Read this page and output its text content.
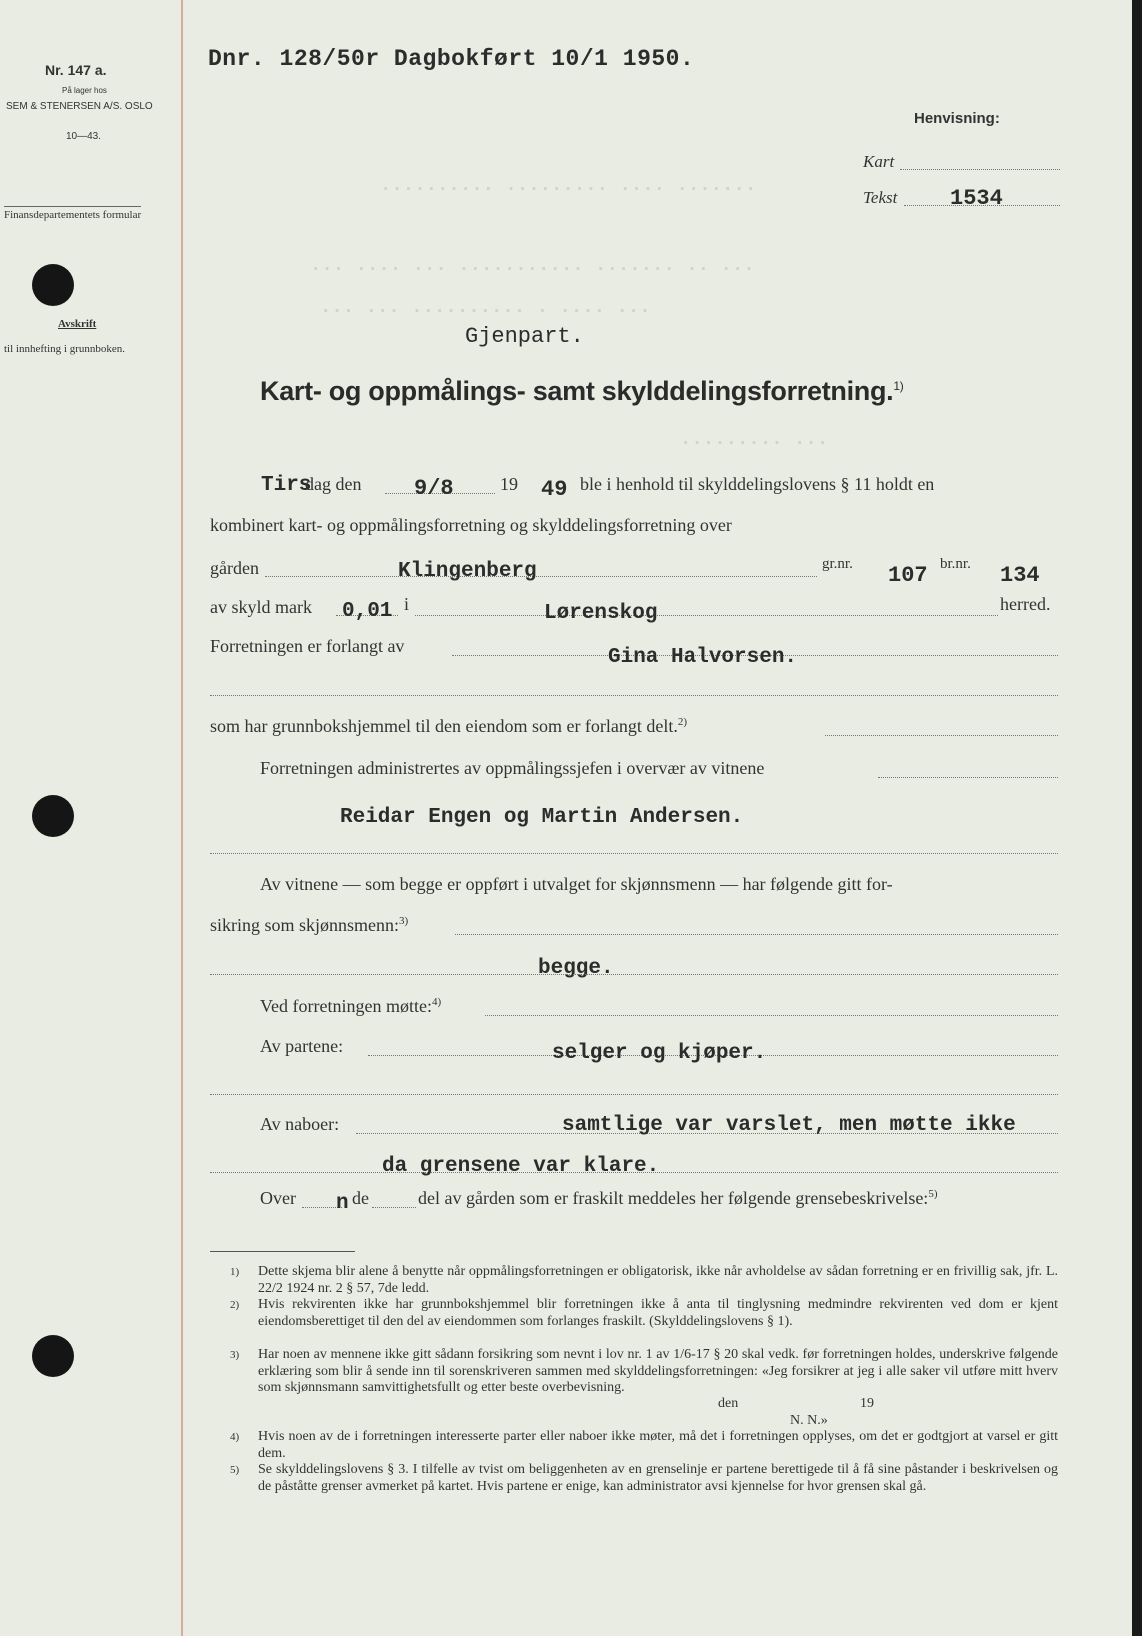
·········· ········· ···· ·······
··· ···· ··· ··········· ······· ·· ···
··· ··· ·········· · ···· ···
········· ···
Nr. 147 a.
På lager hos
SEM & STENERSEN A/S. OSLO
10—43.
Finansdepartementets formular
Avskrift
til innhefting i grunnboken.
Dnr. 128/50r Dagbokført 10/1 1950.
Henvisning:
Kart
Tekst 1534
Gjenpart.
Kart- og oppmålings- samt skylddelingsforretning.$^{1)}$
Tirs
dag den 9/8	19 49 ble i henhold til skylddelingslovens § 11 holdt en
kombinert kart- og oppmålingsforretning og skylddelingsforretning over
gården	Klingenberg	gr.nr. 107 br.nr. 134
av skyld mark 0,01 i	Lørenskog	herred.
Forretningen er forlangt av	Gina Halvorsen.
som har grunnbokshjemmel til den eiendom som er forlangt delt.$^{2)}$
Forretningen administrertes av oppmålingssjefen i overvær av vitnene
Reidar Engen og Martin Andersen.
Av vitnene — som begge er oppført i utvalget for skjønnsmenn — har følgende gitt for-
sikring som skjønnsmenn:$^{3)}$
begge.
Ved forretningen møtte:$^{4)}$
Av partene:	selger og kjøper.
Av naboer:	samtlige var varslet, men møtte ikke
da grensene var klare.
Over n de	del av gården som er fraskilt meddeles her følgende grensebeskrivelse:$^{5)}$
1) Dette skjema blir alene å benytte når oppmålingsforretningen er obligatorisk, ikke når avholdelse av sådan forretning er en frivillig sak, jfr. L. 22/2 1924 nr. 2 § 57, 7de ledd.
2) Hvis rekvirenten ikke har grunnbokshjemmel blir forretningen ikke å anta til tinglysning medmindre rekvirenten ved dom er kjent eiendomsberettiget til den del av eiendommen som forlanges fraskilt. (Skylddelingslovens § 1).
3) Har noen av mennene ikke gitt sådann forsikring som nevnt i lov nr. 1 av 1/6-17 § 20 skal vedk. før forretningen holdes, underskrive følgende erklæring som blir å sende inn til sorenskriveren sammen med skylddelingsforretningen: «Jeg forsikrer at jeg i alle saker vil utføre mitt hverv som skjønnsmann samvittighetsfullt og etter beste overbevisning.
den	19
N. N.»
4) Hvis noen av de i forretningen interesserte parter eller naboer ikke møter, må det i forretningen opplyses, om det er godtgjort at varsel er gitt dem.
5) Se skylddelingslovens § 3. I tilfelle av tvist om beliggenheten av en grenselinje er partene berettigede til å få sine påstander i beskrivelsen og de påståtte grenser avmerket på kartet. Hvis partene er enige, kan administrator avsi kjennelse for hvor grensen skal gå.
